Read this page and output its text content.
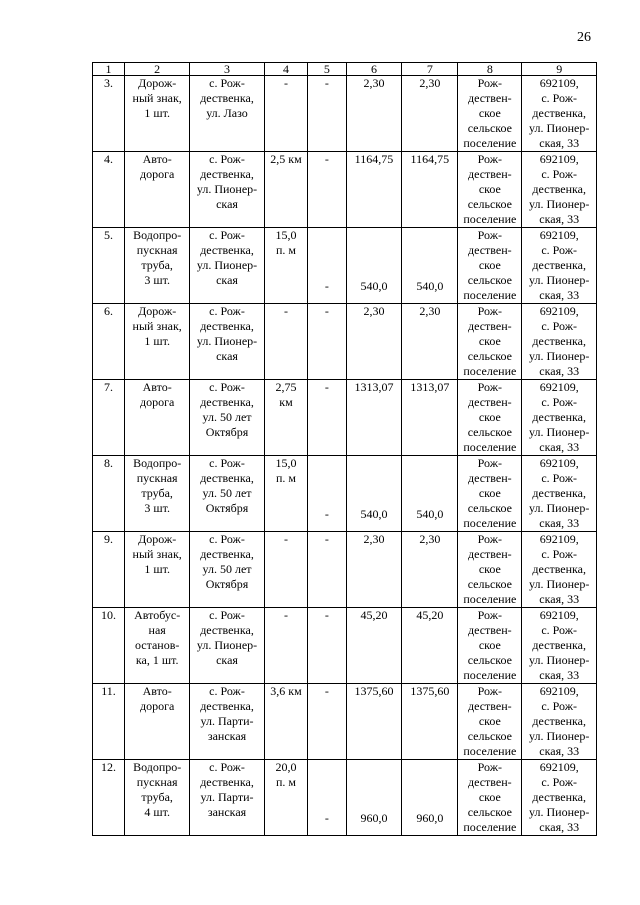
26
1	2	3	4	5	6	7	8	9
3.	Дорож-
ный знак,
1 шт.	с. Рож-
дественка,
ул. Лазо	-	-	2,30	2,30	Рож-
дествен-
ское
сельское
поселение	692109,
с. Рож-
дественка,
ул. Пионер-
ская, 33
4.	Авто-
дорога	с. Рож-
дественка,
ул. Пионер-
ская	2,5 км	-	1164,75	1164,75	Рож-
дествен-
ское
сельское
поселение	692109,
с. Рож-
дественка,
ул. Пионер-
ская, 33
5.	Водопро-
пускная
труба,
3 шт.	с. Рож-
дественка,
ул. Пионер-
ская	15,0
п. м	-	540,0	540,0	Рож-
дествен-
ское
сельское
поселение	692109,
с. Рож-
дественка,
ул. Пионер-
ская, 33
6.	Дорож-
ный знак,
1 шт.	с. Рож-
дественка,
ул. Пионер-
ская	-	-	2,30	2,30	Рож-
дествен-
ское
сельское
поселение	692109,
с. Рож-
дественка,
ул. Пионер-
ская, 33
7.	Авто-
дорога	с. Рож-
дественка,
ул. 50 лет
Октября	2,75
км	-	1313,07	1313,07	Рож-
дествен-
ское
сельское
поселение	692109,
с. Рож-
дественка,
ул. Пионер-
ская, 33
8.	Водопро-
пускная
труба,
3 шт.	с. Рож-
дественка,
ул. 50 лет
Октября	15,0
п. м	-	540,0	540,0	Рож-
дествен-
ское
сельское
поселение	692109,
с. Рож-
дественка,
ул. Пионер-
ская, 33
9.	Дорож-
ный знак,
1 шт.	с. Рож-
дественка,
ул. 50 лет
Октября	-	-	2,30	2,30	Рож-
дествен-
ское
сельское
поселение	692109,
с. Рож-
дественка,
ул. Пионер-
ская, 33
10.	Автобус-
ная
останов-
ка, 1 шт.	с. Рож-
дественка,
ул. Пионер-
ская	-	-	45,20	45,20	Рож-
дествен-
ское
сельское
поселение	692109,
с. Рож-
дественка,
ул. Пионер-
ская, 33
11.	Авто-
дорога	с. Рож-
дественка,
ул. Парти-
занская	3,6 км	-	1375,60	1375,60	Рож-
дествен-
ское
сельское
поселение	692109,
с. Рож-
дественка,
ул. Пионер-
ская, 33
12.	Водопро-
пускная
труба,
4 шт.	с. Рож-
дественка,
ул. Парти-
занская	20,0
п. м	-	960,0	960,0	Рож-
дествен-
ское
сельское
поселение	692109,
с. Рож-
дественка,
ул. Пионер-
ская, 33
